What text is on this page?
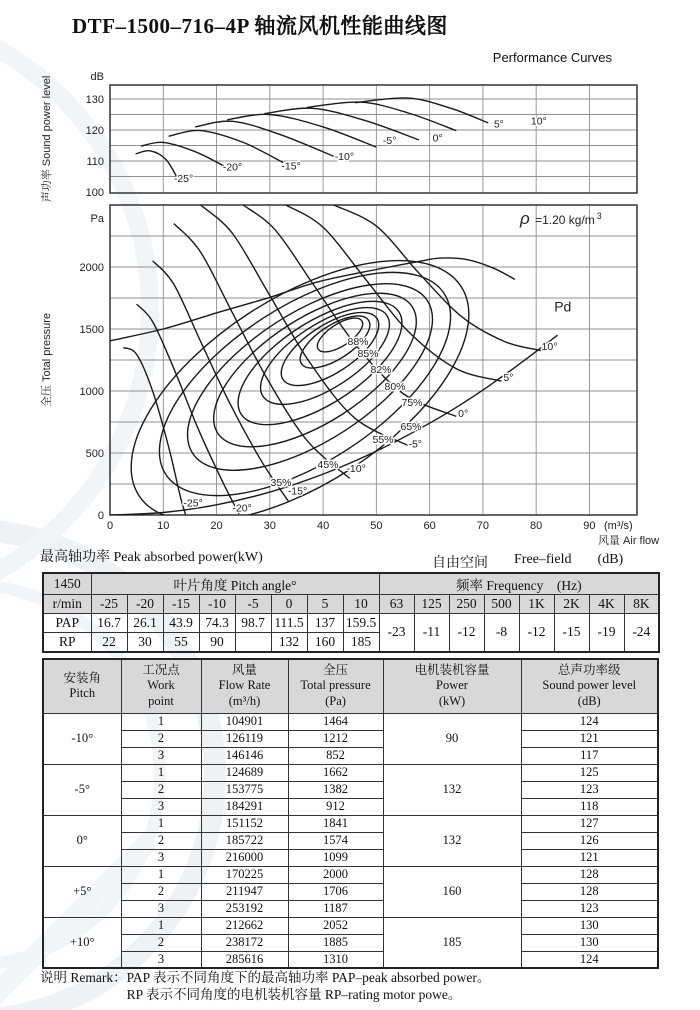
DTF–1500–716–4P 轴流风机性能曲线图
Performance Curves
-25°
-20°	-15°
-10°
-5°	0°
5°	10°
-25°	-20°
-15°
-10°
-5°
0°
5°
10°
88%
85%
82%
80%
75%
65%
55%
45%
35%
Pd
dB
100
110
120
130
Pa
0
500
1000
1500
2000
0	10	20	30	40	50	60	70	80	90 (m³/s)
风量 Air flow
声功率 Sound power level
全压 Total pressure
ρ =1.20 kg/m $^3$
最高轴功率 Peak absorbed power(kW)	自由空间 Free–field (dB)
1450	叶片角度 Pitch angle°								频率 Frequency (Hz)							
r/min	-25	-20	-15	-10	-5	0	5	10	63	125	250	500	1K	2K	4K	8K
PAP	16.7	26.1	43.9	74.3	98.7	111.5	137	159.5	-23	-11	-12	-8	-12	-15	-19	-24
RP	22	30	55	90		132	160	185								
安装角
Pitch

工况点
Work
point

风量
Flow Rate
(m³/h)

全压
Total pressure
(Pa)

电机装机容量
Power
(kW)

总声功率级
Sound power level
(dB)

-10°	1	104901	1464	90	124
	2	126119	1212		121
	3	146146	852		117
-5°	1	124689	1662	132	125
	2	153775	1382		123
	3	184291	912		118
0°	1	151152	1841	132	127
	2	185722	1574		126
	3	216000	1099		121
+5°	1	170225	2000	160	128
	2	211947	1706		128
	3	253192	1187		123
+10°	1	212662	2052	185	130
	2	238172	1885		130
	3	285616	1310		124
说明 Remark： PAP 表示不同角度下的最高轴功率 PAP–peak absorbed power。
RP 表示不同角度的电机装机容量 RP–rating motor powe。
